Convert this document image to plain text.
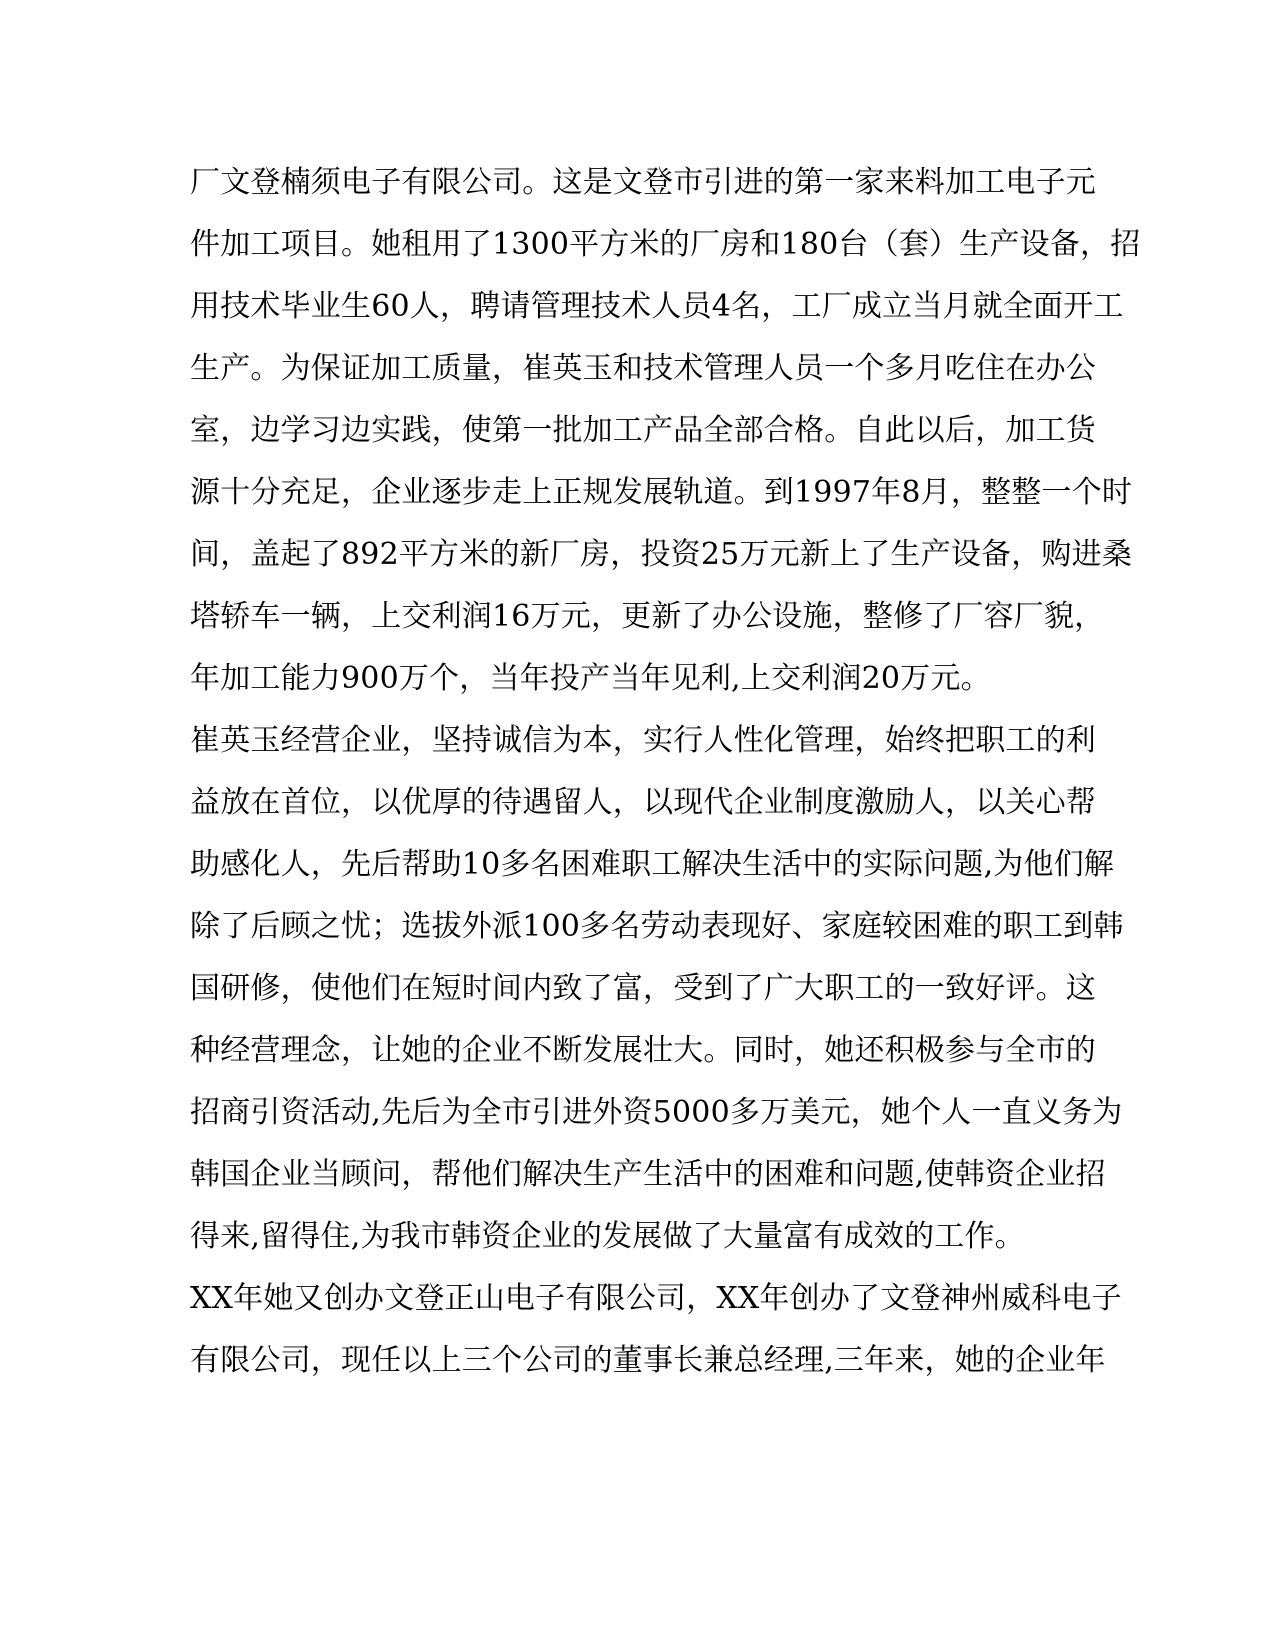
厂文登楠须电子有限公司。这是文登市引进的第一家来料加工电子元
件加工项目。她租用了1300平方米的厂房和180台（套）生产设备，招
用技术毕业生60人，聘请管理技术人员4名，工厂成立当月就全面开工
生产。为保证加工质量，崔英玉和技术管理人员一个多月吃住在办公
室，边学习边实践，使第一批加工产品全部合格。自此以后，加工货
源十分充足，企业逐步走上正规发展轨道。到1997年8月，整整一个时
间，盖起了892平方米的新厂房，投资25万元新上了生产设备，购进桑
塔轿车一辆，上交利润16万元，更新了办公设施，整修了厂容厂貌，
年加工能力900万个，当年投产当年见利,上交利润20万元。
崔英玉经营企业，坚持诚信为本，实行人性化管理，始终把职工的利
益放在首位，以优厚的待遇留人，以现代企业制度激励人，以关心帮
助感化人，先后帮助10多名困难职工解决生活中的实际问题,为他们解
除了后顾之忧；选拔外派100多名劳动表现好、家庭较困难的职工到韩
国研修，使他们在短时间内致了富，受到了广大职工的一致好评。这
种经营理念，让她的企业不断发展壮大。同时，她还积极参与全市的
招商引资活动,先后为全市引进外资5000多万美元，她个人一直义务为
韩国企业当顾问，帮他们解决生产生活中的困难和问题,使韩资企业招
得来,留得住,为我市韩资企业的发展做了大量富有成效的工作。
XX年她又创办文登正山电子有限公司，XX年创办了文登神州威科电子
有限公司，现任以上三个公司的董事长兼总经理,三年来，她的企业年
